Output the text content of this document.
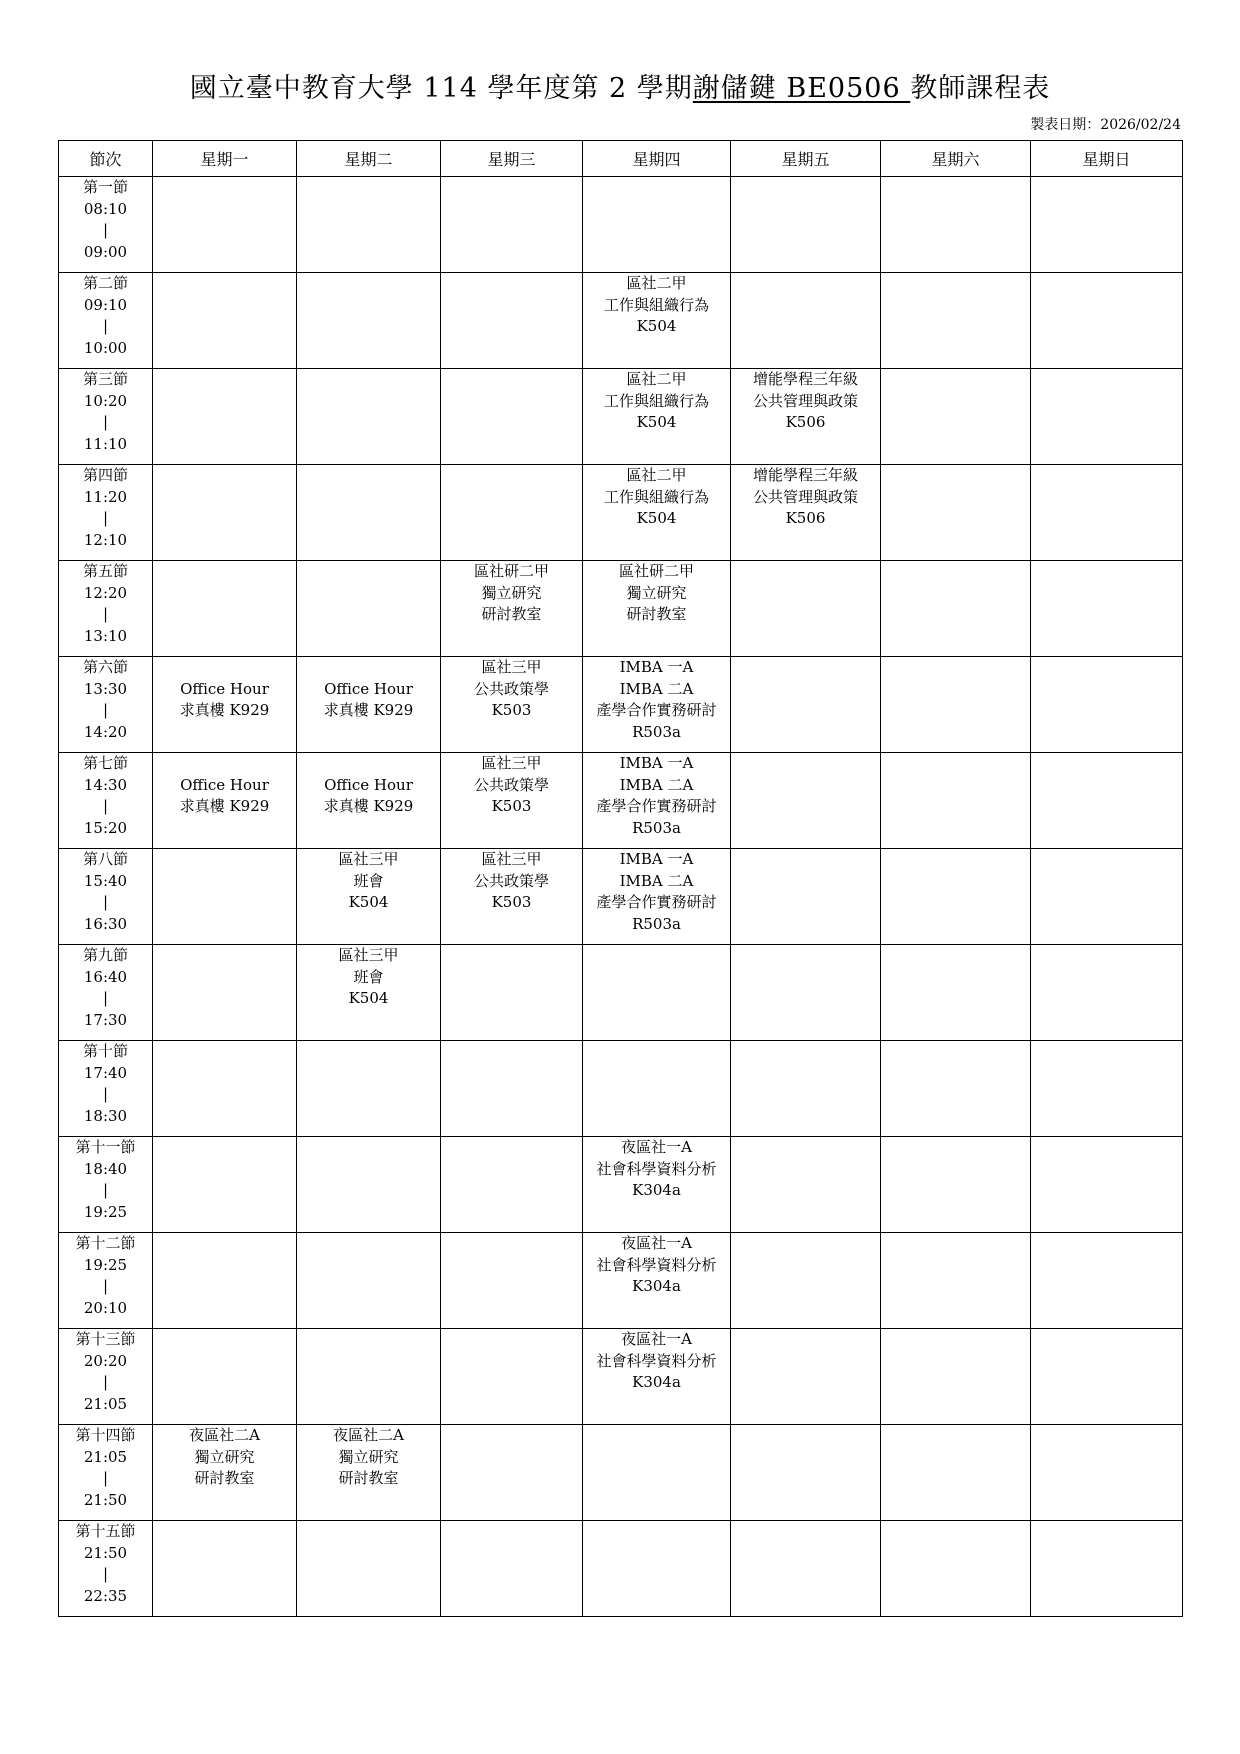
國立臺中教育大學 114 學年度第 2 學期謝儲鍵 BE0506 教師課程表
製表日期：2026/02/24
節次	星期一	星期二	星期三	星期四	星期五	星期六	星期日

第一節
08:10
|
09:00							

第二節
09:10
|
10:00				區社二甲
工作與組織行為
K504			

第三節
10:20
|
11:10				區社二甲
工作與組織行為
K504	增能學程三年級
公共管理與政策
K506		

第四節
11:20
|
12:10				區社二甲
工作與組織行為
K504	增能學程三年級
公共管理與政策
K506		

第五節
12:20
|
13:10			區社研二甲
獨立研究
研討教室	區社研二甲
獨立研究
研討教室			

第六節
13:30
|
14:20	Office Hour
求真樓 K929	Office Hour
求真樓 K929	區社三甲
公共政策學
K503	IMBA 一A
IMBA 二A
產學合作實務研討
R503a			

第七節
14:30
|
15:20	Office Hour
求真樓 K929	Office Hour
求真樓 K929	區社三甲
公共政策學
K503	IMBA 一A
IMBA 二A
產學合作實務研討
R503a			

第八節
15:40
|
16:30		區社三甲
班會
K504	區社三甲
公共政策學
K503	IMBA 一A
IMBA 二A
產學合作實務研討
R503a			

第九節
16:40
|
17:30		區社三甲
班會
K504					

第十節
17:40
|
18:30							

第十一節
18:40
|
19:25				夜區社一A
社會科學資料分析
K304a			

第十二節
19:25
|
20:10				夜區社一A
社會科學資料分析
K304a			

第十三節
20:20
|
21:05				夜區社一A
社會科學資料分析
K304a			

第十四節
21:05
|
21:50	夜區社二A
獨立研究
研討教室	夜區社二A
獨立研究
研討教室					

第十五節
21:50
|
22:35							
